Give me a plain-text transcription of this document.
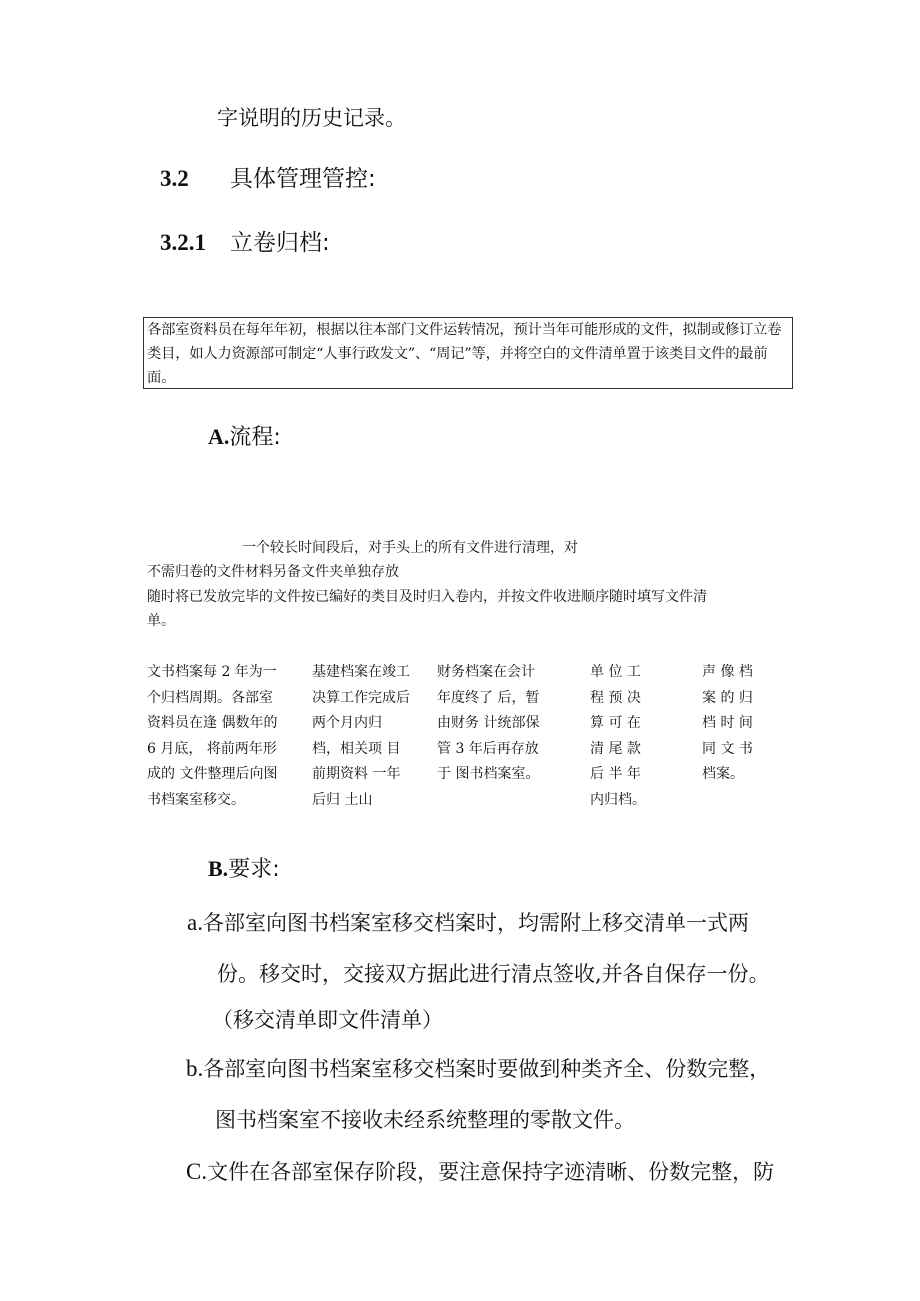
字说明的历史记录。
3.2 具体管理管控:
3.2.1 立卷归档:
各部室资料员在每年年初，根据以往本部门文件运转情况，预计当年可能形成的文件，拟制或修订立卷类目，如人力资源部可制定“人事行政发文”、“周记”等，并将空白的文件清单置于该类目文件的最前面。
A.流程:
一个较长时间段后，对手头上的所有文件进行清理，对
不需归卷的文件材料另备文件夹单独存放
随时将已发放完毕的文件按已编好的类目及时归入卷内，并按文件收进顺序随时填写文件清
单。
文书档案每 2 年为一个归档周期。各部室资料员在逢 偶数年的 6 月底， 将前两年形成的 文件整理后向图 书档案室移交。
基建档案在竣工决算工作完成后两个月内归 档，相关项 目前期资料 一年后归 土山
财务档案在会计年度终了 后，暂由财务 计统部保管 3 年后再存放于 图书档案室。
单 位 工 程 预 决 算 可 在 清 尾 款 后 半 年 内归档。
声 像 档 案 的 归 档 时 间 同 文 书 档案。
B.要求:
a.各部室向图书档案室移交档案时，均需附上移交清单一式两
份。移交时，交接双方据此进行清点签收,并各自保存一份。
（移交清单即文件清单）
b.各部室向图书档案室移交档案时要做到种类齐全、份数完整，
图书档案室不接收未经系统整理的零散文件。
C.文件在各部室保存阶段，要注意保持字迹清晰、份数完整，防
